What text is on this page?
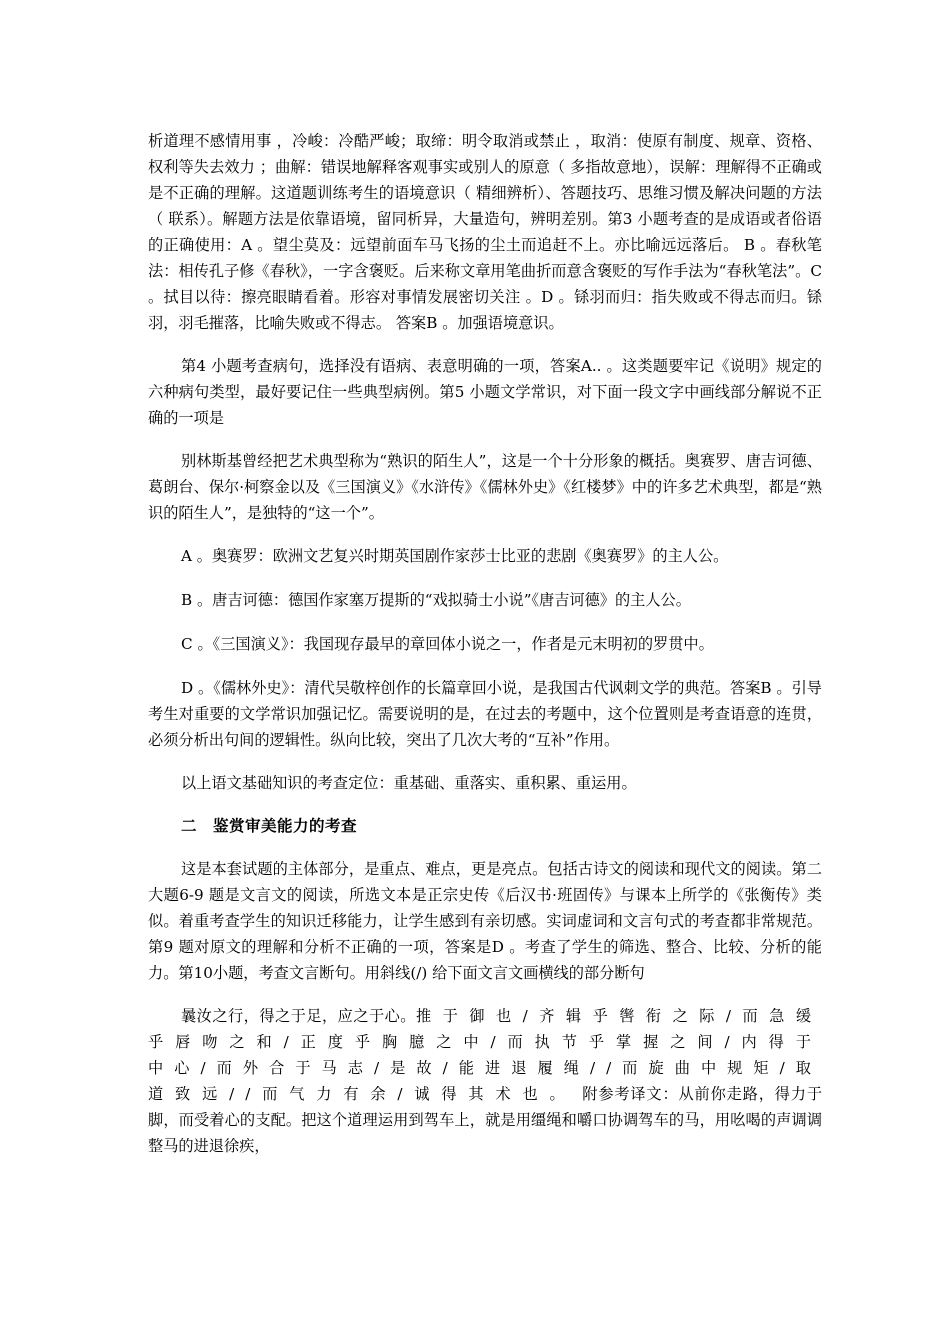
析道理不感情用事 ，冷峻：冷酷严峻；取缔：明令取消或禁止 ，取消：使原有制度、规章、资格、权利等失去效力 ；曲解：错误地解释客观事实或别人的原意（ 多指故意地），误解：理解得不正确或是不正确的理解。这道题训练考生的语境意识（ 精细辨析）、答题技巧、思维习惯及解决问题的方法（ 联系）。解题方法是依靠语境，留同析异，大量造句，辨明差别。第3 小题考查的是成语或者俗语的正确使用：A 。望尘莫及：远望前面车马飞扬的尘土而追赶不上。亦比喻远远落后。 B 。春秋笔法：相传孔子修《春秋》，一字含褒贬。后来称文章用笔曲折而意含褒贬的写作手法为“春秋笔法”。C 。拭目以待：擦亮眼睛看着。形容对事情发展密切关注 。D 。铩羽而归：指失败或不得志而归。铩羽，羽毛摧落，比喻失败或不得志。 答案B 。加强语境意识。

第4 小题考查病句，选择没有语病、表意明确的一项，答案A.. 。这类题要牢记《说明》规定的六种病句类型，最好要记住一些典型病例。第5 小题文学常识，对下面一段文字中画线部分解说不正确的一项是

别林斯基曾经把艺术典型称为“熟识的陌生人”，这是一个十分形象的概括。奥赛罗、唐吉诃德、葛朗台、保尔·柯察金以及《三国演义》《水浒传》《儒林外史》《红楼梦》中的许多艺术典型，都是“熟识的陌生人”，是独特的“这一个”。

A 。奥赛罗：欧洲文艺复兴时期英国剧作家莎士比亚的悲剧《奥赛罗》的主人公。

B 。唐吉诃德：德国作家塞万提斯的“戏拟骑士小说”《唐吉诃德》的主人公。

C 。《三国演义》：我国现存最早的章回体小说之一，作者是元末明初的罗贯中。

D 。《儒林外史》：清代吴敬梓创作的长篇章回小说，是我国古代讽刺文学的典范。答案B 。引导考生对重要的文学常识加强记忆。需要说明的是，在过去的考题中，这个位置则是考查语意的连贯，必须分析出句间的逻辑性。纵向比较，突出了几次大考的“互补”作用。

以上语文基础知识的考查定位：重基础、重落实、重积累、重运用。

二　鉴赏审美能力的考查

这是本套试题的主体部分，是重点、难点，更是亮点。包括古诗文的阅读和现代文的阅读。第二大题6-9 题是文言文的阅读，所选文本是正宗史传《后汉书·班固传》与课本上所学的《张衡传》类似。着重考查学生的知识迁移能力，让学生感到有亲切感。实词虚词和文言句式的考查都非常规范。第9 题对原文的理解和分析不正确的一项，答案是D 。考查了学生的筛选、整合、比较、分析的能力。第10小题，考查文言断句。用斜线(/) 给下面文言文画横线的部分断句

曩汝之行，得之于足，应之于心。推于御也/齐辑乎辔衔之际/而急缓乎唇吻之和/正度乎胸臆之中/而执节乎掌握之间/内得于中心/而外合于马志/是故/能进退履绳//而旋曲中规矩/取道致远//而气力有余/诚得其术也。 附参考译文：从前你走路，得力于脚，而受着心的支配。把这个道理运用到驾车上，就是用缰绳和嚼口协调驾车的马，用吆喝的声调调整马的进退徐疾，
